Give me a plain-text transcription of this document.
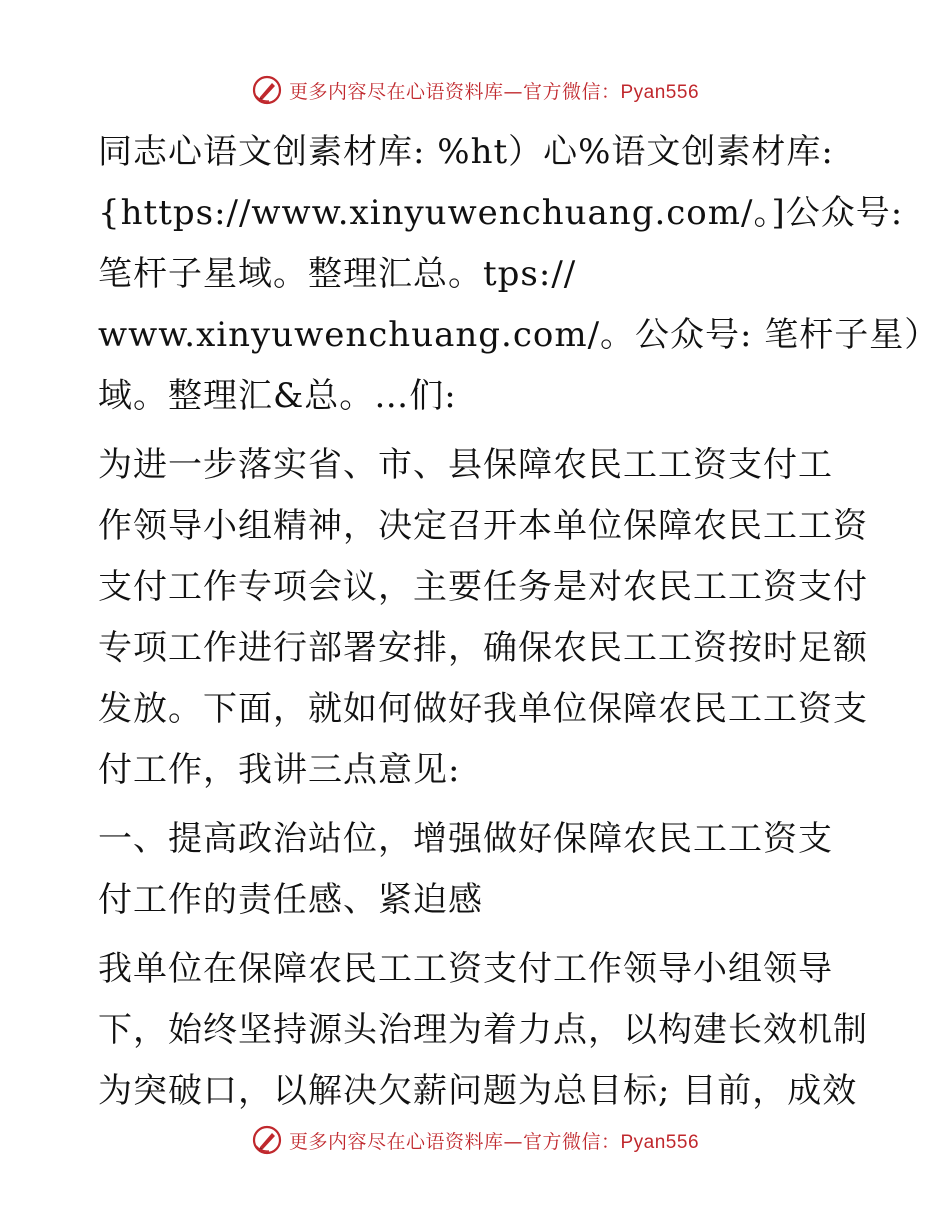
更多内容尽在心语资料库—官方微信：Pyan556
同志心语文创素材库: %ht）心%语文创素材库:
{https://www.xinyuwenchuang.com/。]公众号:
笔杆子星域。整理汇总。tps://
www.xinyuwenchuang.com/。公众号: 笔杆子星）
域。整理汇&总。…们:
为进一步落实省、市、县保障农民工工资支付工
作领导小组精神，决定召开本单位保障农民工工资
支付工作专项会议，主要任务是对农民工工资支付
专项工作进行部署安排，确保农民工工资按时足额
发放。下面，就如何做好我单位保障农民工工资支
付工作，我讲三点意见:
一、提高政治站位，增强做好保障农民工工资支
付工作的责任感、紧迫感
我单位在保障农民工工资支付工作领导小组领导
下，始终坚持源头治理为着力点，以构建长效机制
为突破口，以解决欠薪问题为总目标; 目前，成效
更多内容尽在心语资料库—官方微信：Pyan556
